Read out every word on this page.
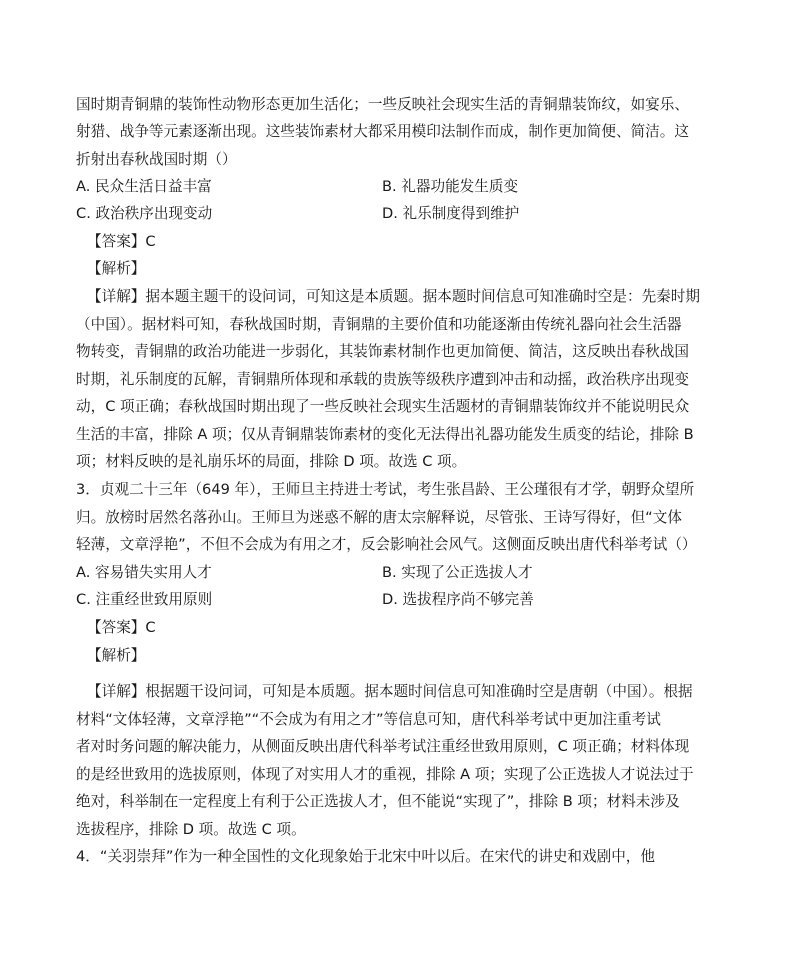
国时期青铜鼎的装饰性动物形态更加生活化；一些反映社会现实生活的青铜鼎装饰纹，如宴乐、
射猎、战争等元素逐渐出现。这些装饰素材大都采用模印法制作而成，制作更加简便、简洁。这
折射出春秋战国时期（）
A. 民众生活日益丰富	B. 礼器功能发生质变
C. 政治秩序出现变动	D. 礼乐制度得到维护
【答案】C
【解析】
【详解】据本题主题干的设问词，可知这是本质题。据本题时间信息可知准确时空是：先秦时期
（中国）。据材料可知，春秋战国时期，青铜鼎的主要价值和功能逐渐由传统礼器向社会生活器
物转变，青铜鼎的政治功能进一步弱化，其装饰素材制作也更加简便、简洁，这反映出春秋战国
时期，礼乐制度的瓦解，青铜鼎所体现和承载的贵族等级秩序遭到冲击和动摇，政治秩序出现变
动，C 项正确；春秋战国时期出现了一些反映社会现实生活题材的青铜鼎装饰纹并不能说明民众
生活的丰富，排除 A 项；仅从青铜鼎装饰素材的变化无法得出礼器功能发生质变的结论，排除 B
项；材料反映的是礼崩乐坏的局面，排除 D 项。故选 C 项。
3．贞观二十三年（649 年），王师旦主持进士考试，考生张昌龄、王公瑾很有才学，朝野众望所
归。放榜时居然名落孙山。王师旦为迷惑不解的唐太宗解释说，尽管张、王诗写得好，但“文体
轻薄，文章浮艳”，不但不会成为有用之才，反会影响社会风气。这侧面反映出唐代科举考试（）
A. 容易错失实用人才	B. 实现了公正选拔人才
C. 注重经世致用原则	D. 选拔程序尚不够完善
【答案】C
【解析】
【详解】根据题干设问词，可知是本质题。据本题时间信息可知准确时空是唐朝（中国）。根据
材料“文体轻薄，文章浮艳”“不会成为有用之才”等信息可知，唐代科举考试中更加注重考试
者对时务问题的解决能力，从侧面反映出唐代科举考试注重经世致用原则，C 项正确；材料体现
的是经世致用的选拔原则，体现了对实用人才的重视，排除 A 项；实现了公正选拔人才说法过于
绝对，科举制在一定程度上有利于公正选拔人才，但不能说“实现了”，排除 B 项；材料未涉及
选拔程序，排除 D 项。故选 C 项。
4．“关羽崇拜”作为一种全国性的文化现象始于北宋中叶以后。在宋代的讲史和戏剧中，他
